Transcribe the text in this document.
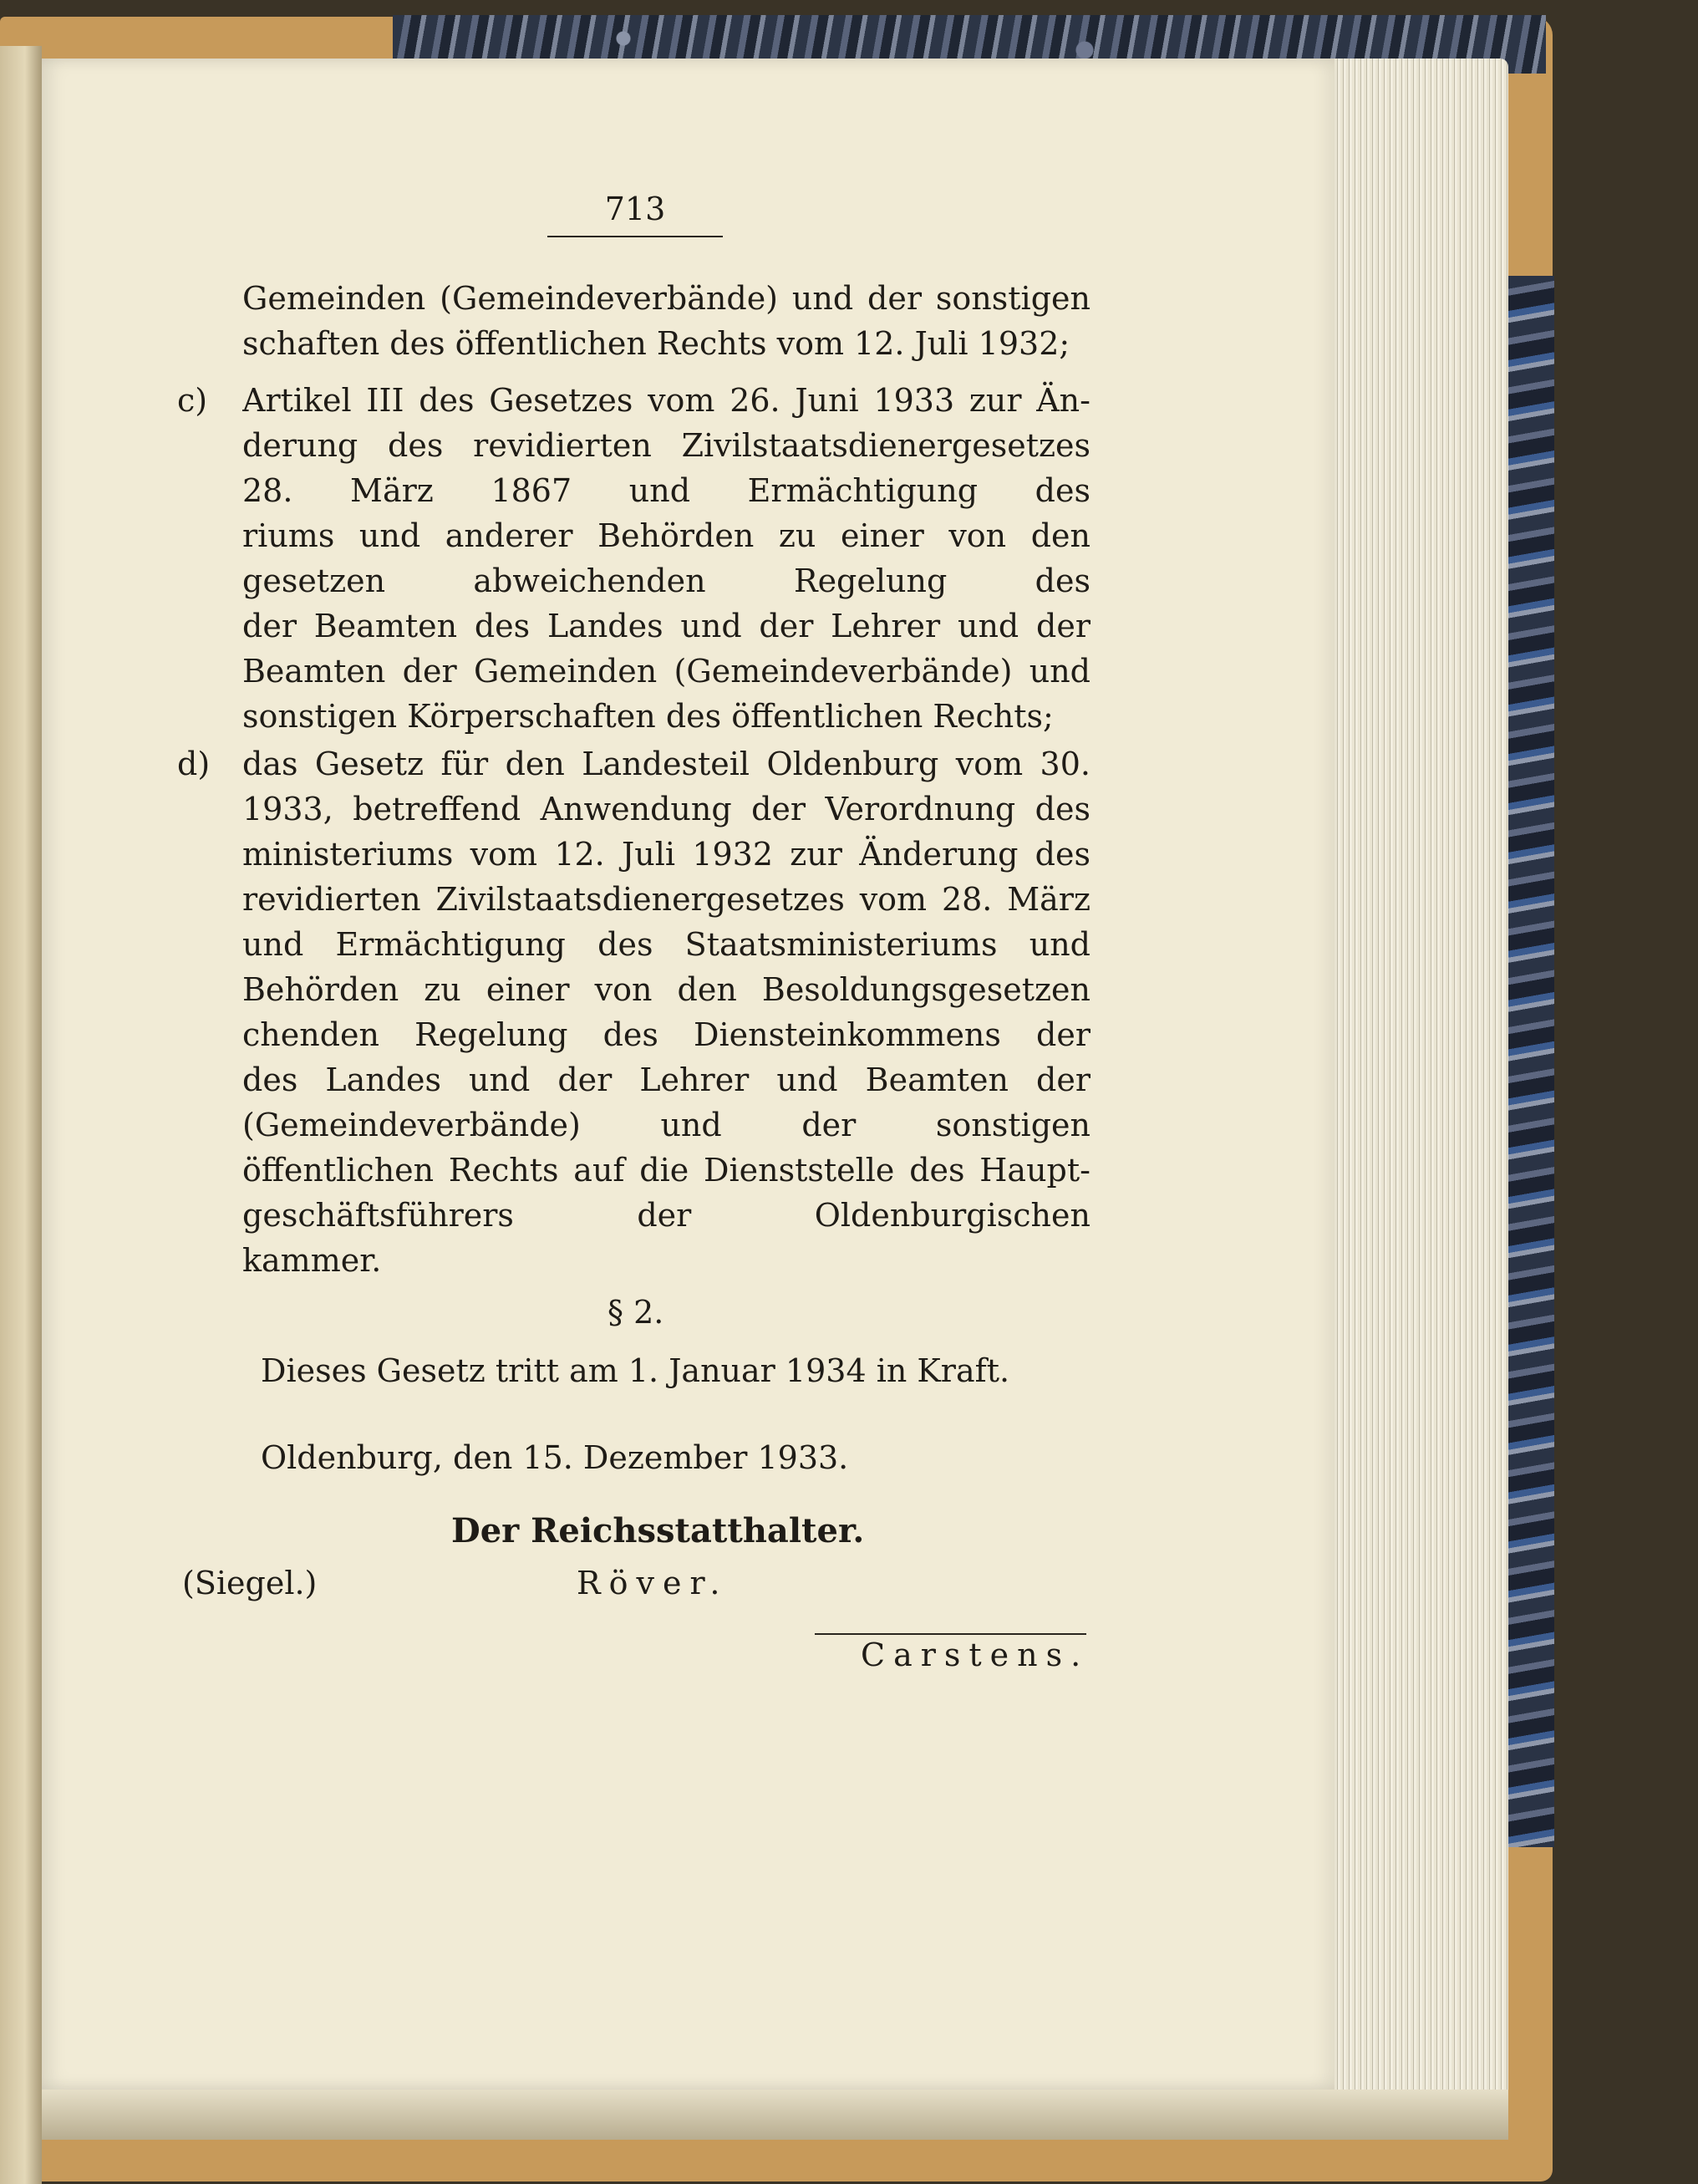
713
Gemeinden (Gemeindeverbände) und der sonstigen
schaften des öffentlichen Rechts vom 12. Juli 1932;
c) Artikel III des Gesetzes vom 26. Juni 1933 zur Än-
derung des revidierten Zivilstaatsdienergesetzes
28. März 1867 und Ermächtigung des
riums und anderer Behörden zu einer von den
gesetzen abweichenden Regelung des
der Beamten des Landes und der Lehrer und der
Beamten der Gemeinden (Gemeindeverbände) und
sonstigen Körperschaften des öffentlichen Rechts;
d) das Gesetz für den Landesteil Oldenburg vom 30.
1933, betreffend Anwendung der Verordnung des
ministeriums vom 12. Juli 1932 zur Änderung des
revidierten Zivilstaatsdienergesetzes vom 28. März
und Ermächtigung des Staatsministeriums und
Behörden zu einer von den Besoldungsgesetzen
chenden Regelung des Diensteinkommens der
des Landes und der Lehrer und Beamten der
(Gemeindeverbände) und der sonstigen
öffentlichen Rechts auf die Dienststelle des Haupt-
geschäftsführers der Oldenburgischen
kammer.
§ 2.
Dieses Gesetz tritt am 1. Januar 1934 in Kraft.
Oldenburg, den 15. Dezember 1933.
Der Reichsstatthalter.
(Siegel.)	Röver.
Carstens.
